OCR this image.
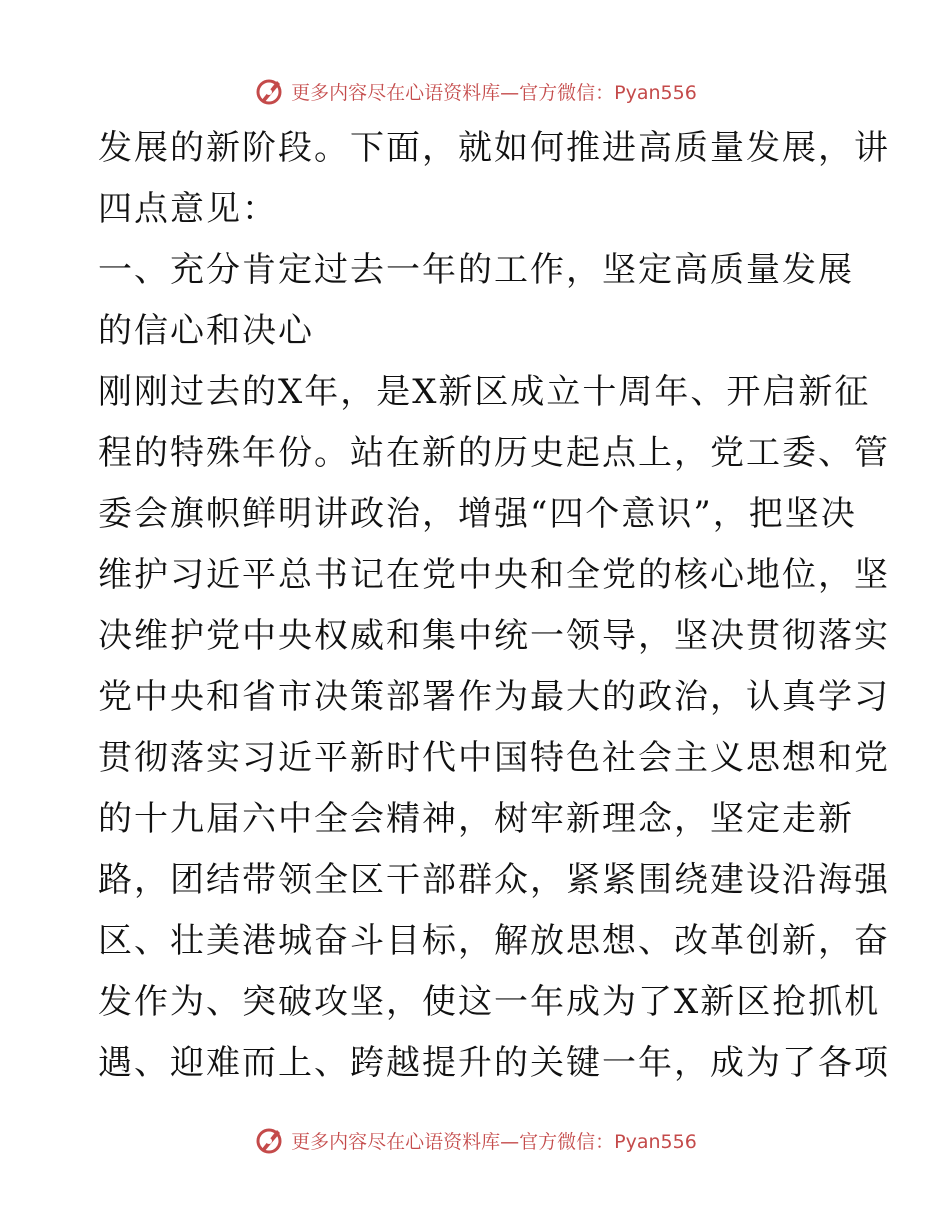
更多内容尽在心语资料库—官方微信：Pyan556
发展的新阶段。下面，就如何推进高质量发展，讲
四点意见：
一、充分肯定过去一年的工作，坚定高质量发展
的信心和决心
刚刚过去的X年，是X新区成立十周年、开启新征
程的特殊年份。站在新的历史起点上，党工委、管
委会旗帜鲜明讲政治，增强“四个意识”，把坚决
维护习近平总书记在党中央和全党的核心地位，坚
决维护党中央权威和集中统一领导，坚决贯彻落实
党中央和省市决策部署作为最大的政治，认真学习
贯彻落实习近平新时代中国特色社会主义思想和党
的十九届六中全会精神，树牢新理念，坚定走新
路，团结带领全区干部群众，紧紧围绕建设沿海强
区、壮美港城奋斗目标，解放思想、改革创新，奋
发作为、突破攻坚，使这一年成为了X新区抢抓机
遇、迎难而上、跨越提升的关键一年，成为了各项
更多内容尽在心语资料库—官方微信：Pyan556
